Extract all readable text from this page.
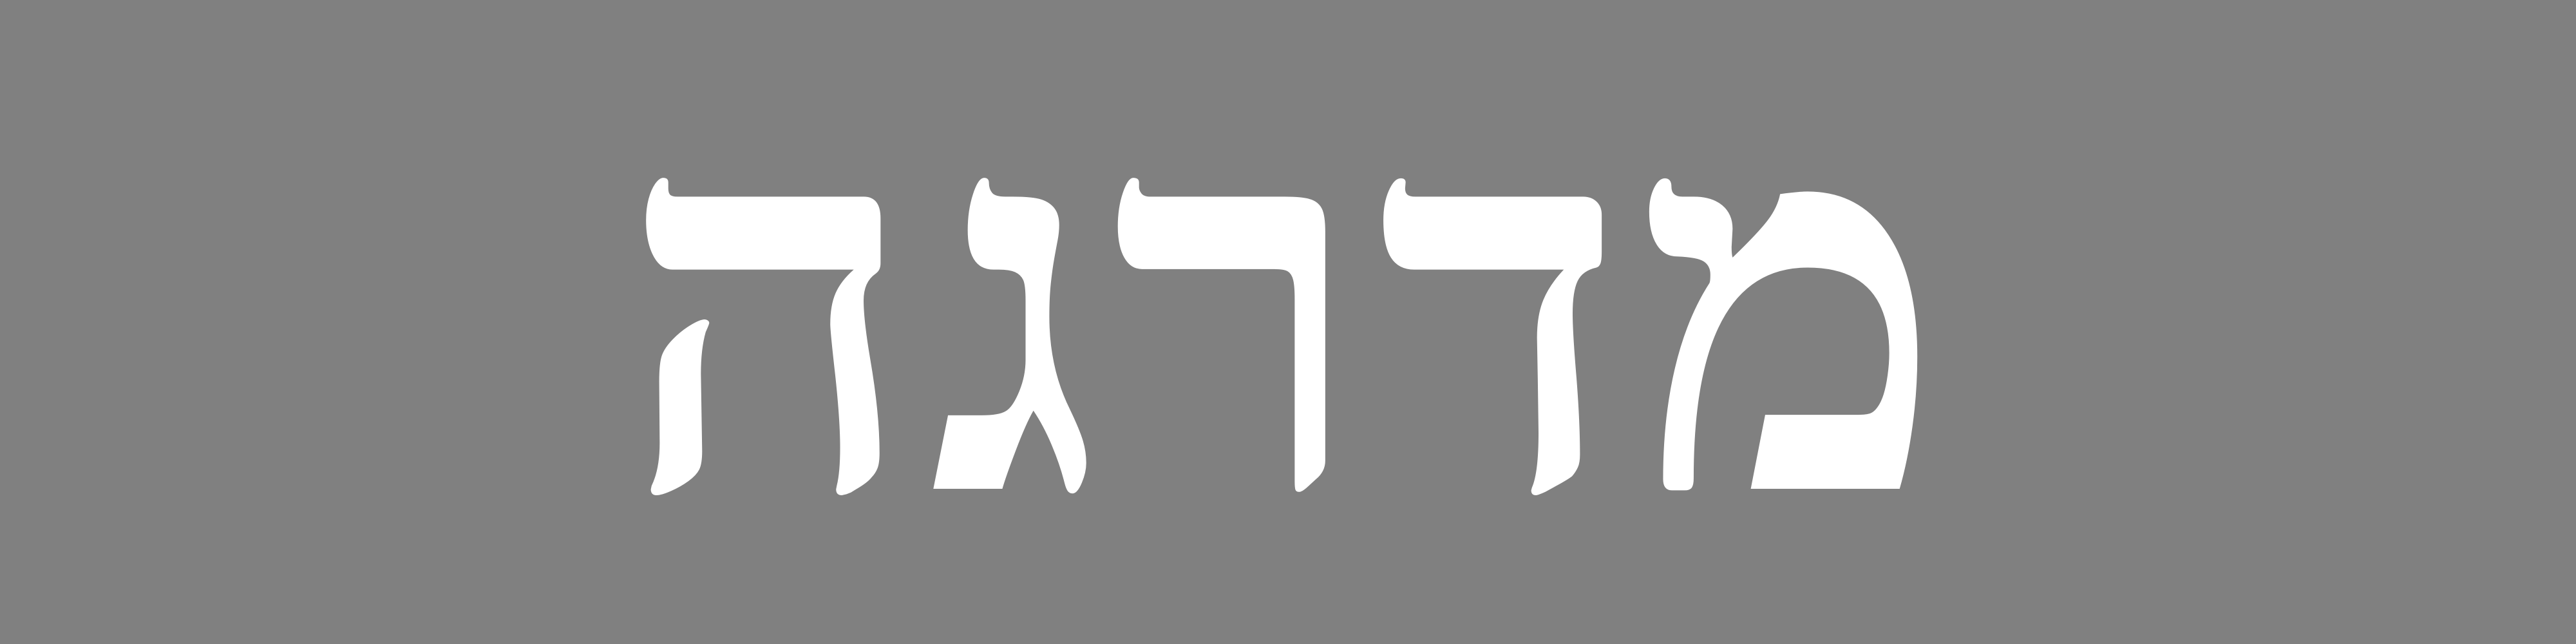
מדרגה
